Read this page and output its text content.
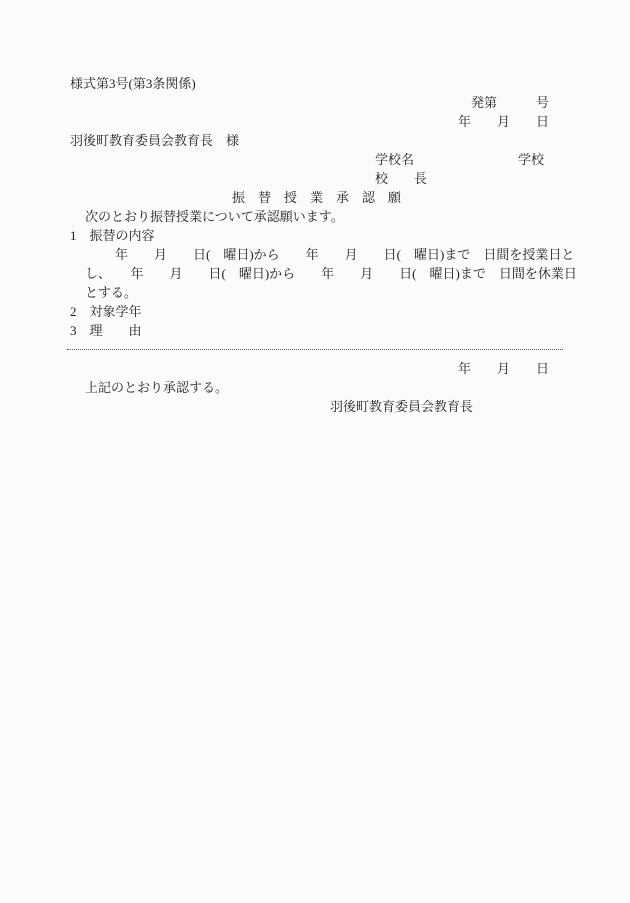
様式第3号(第3条関係)
発第　　　号
年　　月　　日
羽後町教育委員会教育長　様
学校名　　　　　　　　学校
校　　長
振　替　授　業　承　認　願
次のとおり振替授業について承認願います。
1　振替の内容
年　　月　　日(　曜日)から　　年　　月　　日(　曜日)まで　日間を授業日と
し、　　年　　月　　日(　曜日)から　　年　　月　　日(　曜日)まで　日間を休業日
とする。
2　対象学年
3　理　　由

年　　月　　日
上記のとおり承認する。
羽後町教育委員会教育長
